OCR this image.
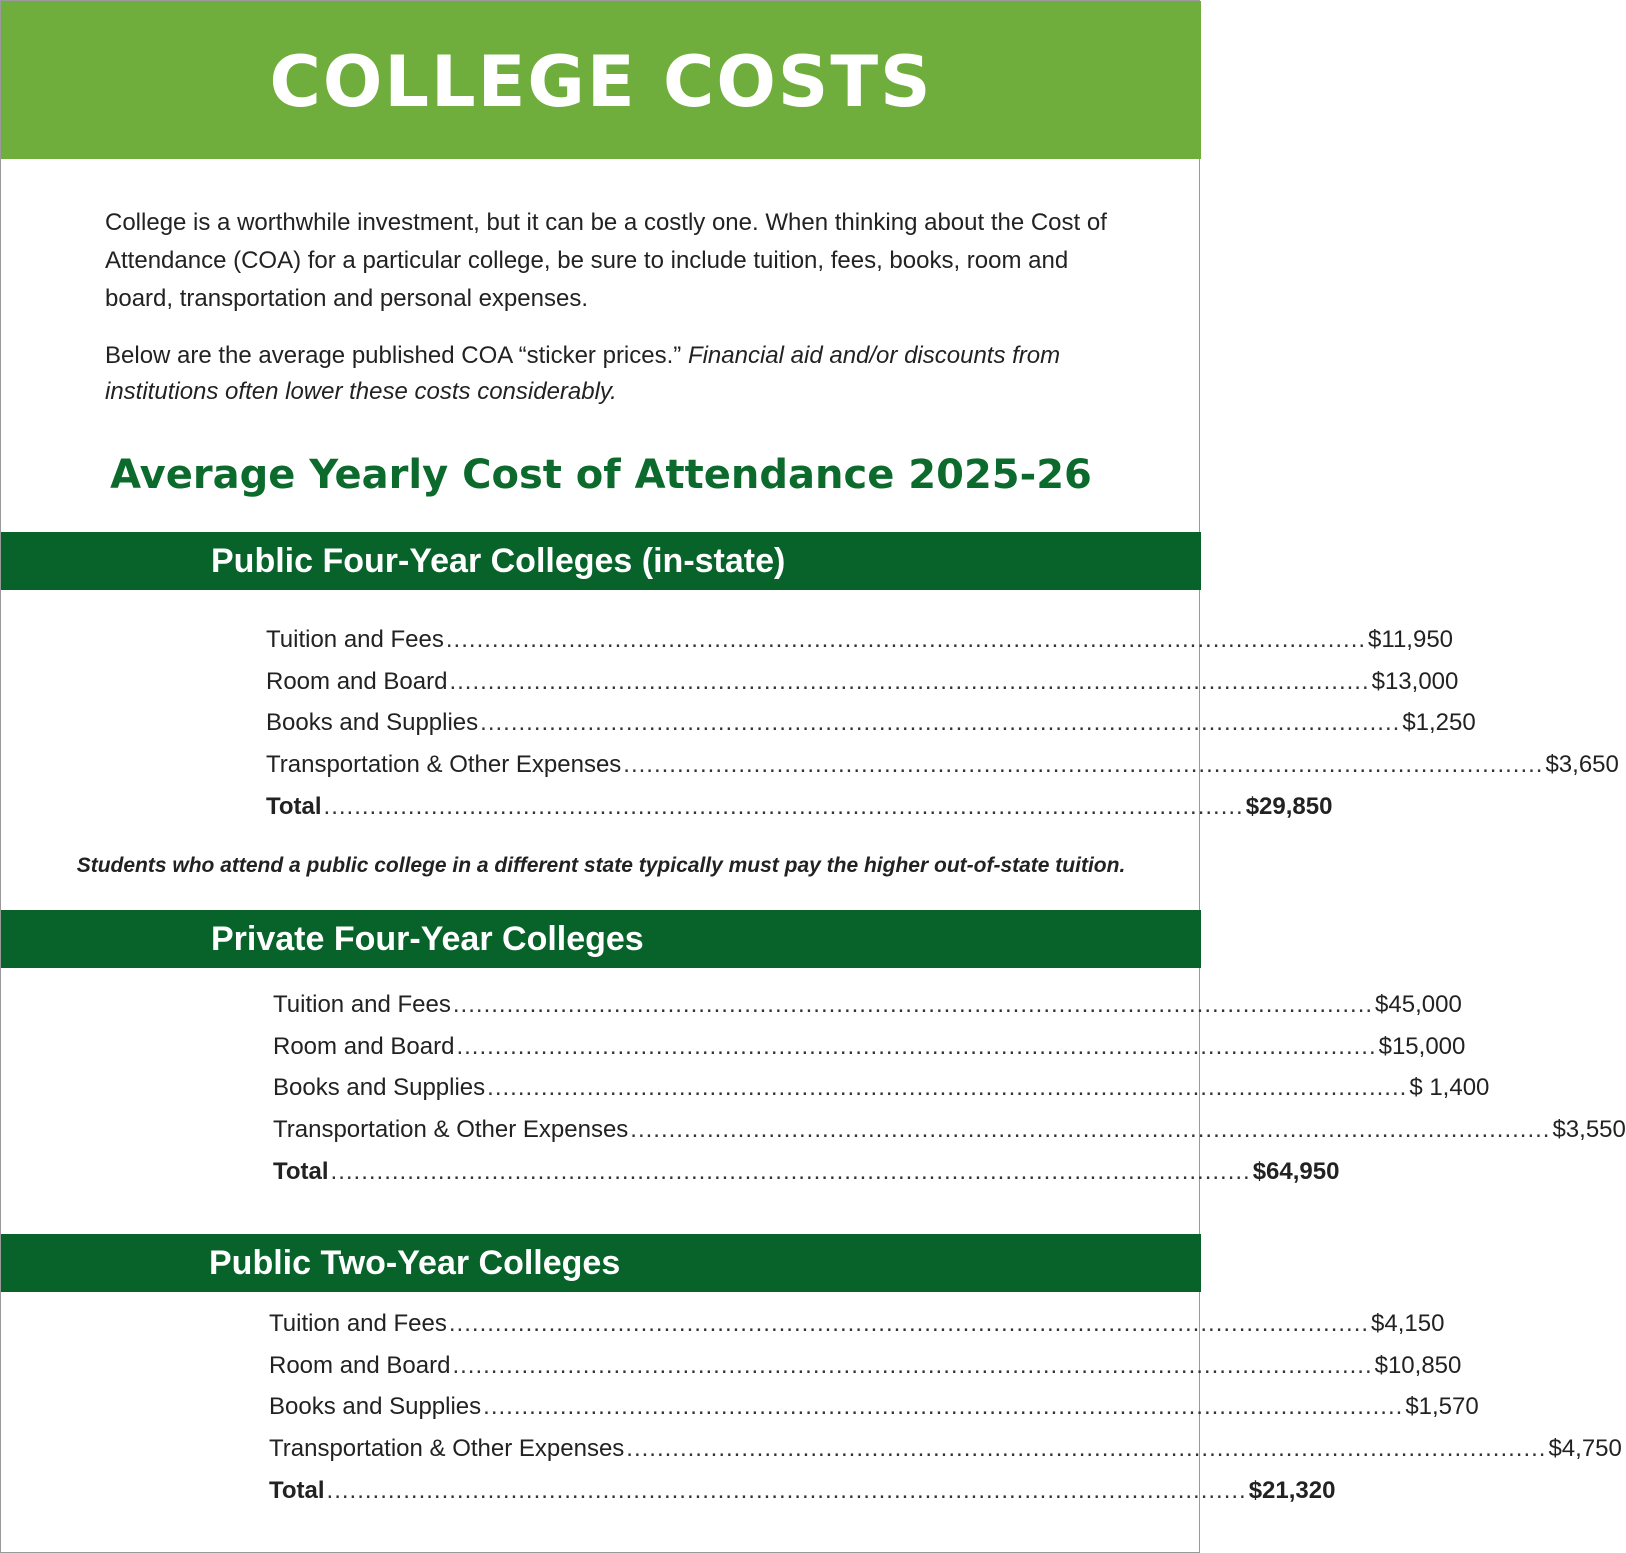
COLLEGE COSTS

College is a worthwhile investment, but it can be a costly one. When thinking about the Cost of Attendance (COA) for a particular college, be sure to include tuition, fees, books, room and board, transportation and personal expenses.

Below are the average published COA “sticker prices.” Financial aid and/or discounts from institutions often lower these costs considerably.

Average Yearly Cost of Attendance 2025-26
Public Four-Year Colleges (in-state)
Tuition and Fees ........................................................................................................................ $11,950
Room and Board ........................................................................................................................ $13,000
Books and Supplies ........................................................................................................................ $1,250
Transportation & Other Expenses ........................................................................................................................ $3,650
Total ........................................................................................................................ $29,850
Students who attend a public college in a different state typically must pay the higher out-of-state tuition.
Private Four-Year Colleges
Tuition and Fees ........................................................................................................................ $45,000
Room and Board ........................................................................................................................ $15,000
Books and Supplies ........................................................................................................................ $ 1,400
Transportation & Other Expenses ........................................................................................................................ $3,550
Total ........................................................................................................................ $64,950
Public Two-Year Colleges
Tuition and Fees ........................................................................................................................ $4,150
Room and Board ........................................................................................................................ $10,850
Books and Supplies ........................................................................................................................ $1,570
Transportation & Other Expenses ........................................................................................................................ $4,750
Total ........................................................................................................................ $21,320
